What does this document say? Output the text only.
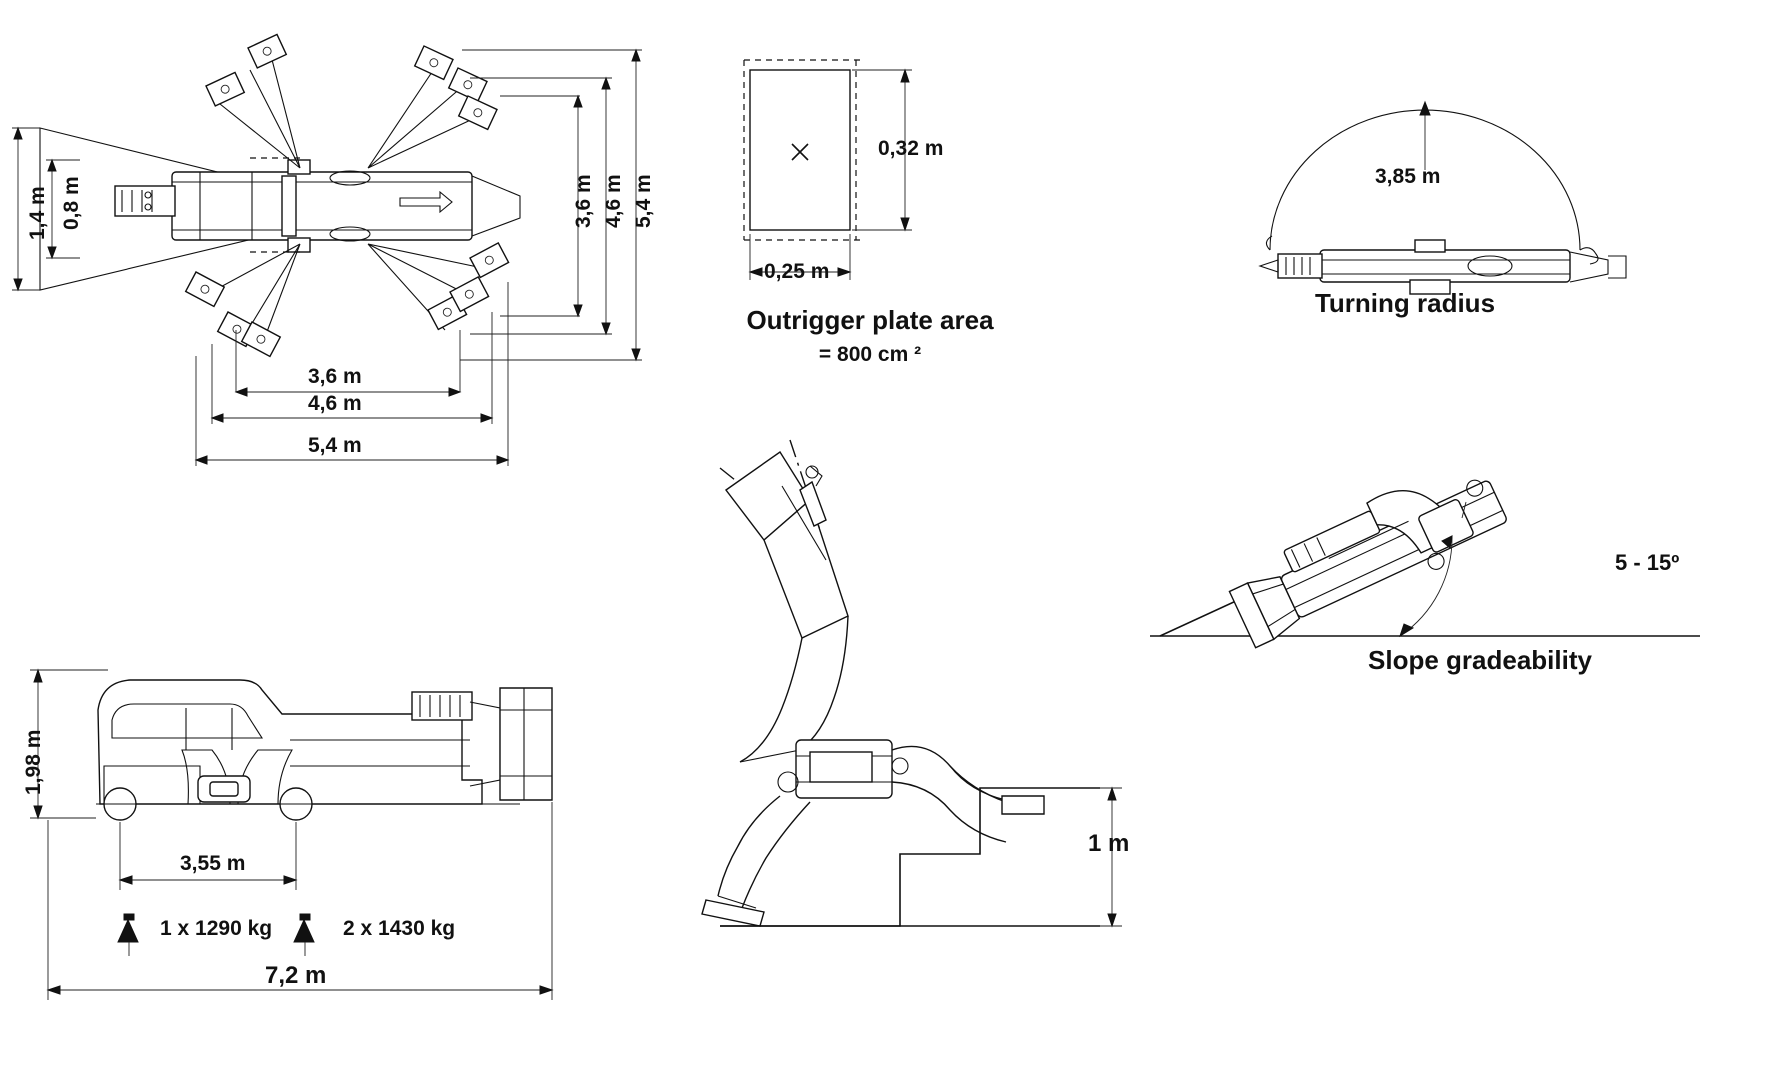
1,4 m 0,8 m	3,6 m 4,6 m 5,4 m
3,6 m
4,6 m
5,4 m
0,32 m
0,25 m
Outrigger plate area
= 800 cm ²
3,85 m
Turning radius
1,98 m
3,55 m
1 x 1290 kg	2 x 1430 kg
7,2 m
1 m
5 - 15º
Slope gradeability
